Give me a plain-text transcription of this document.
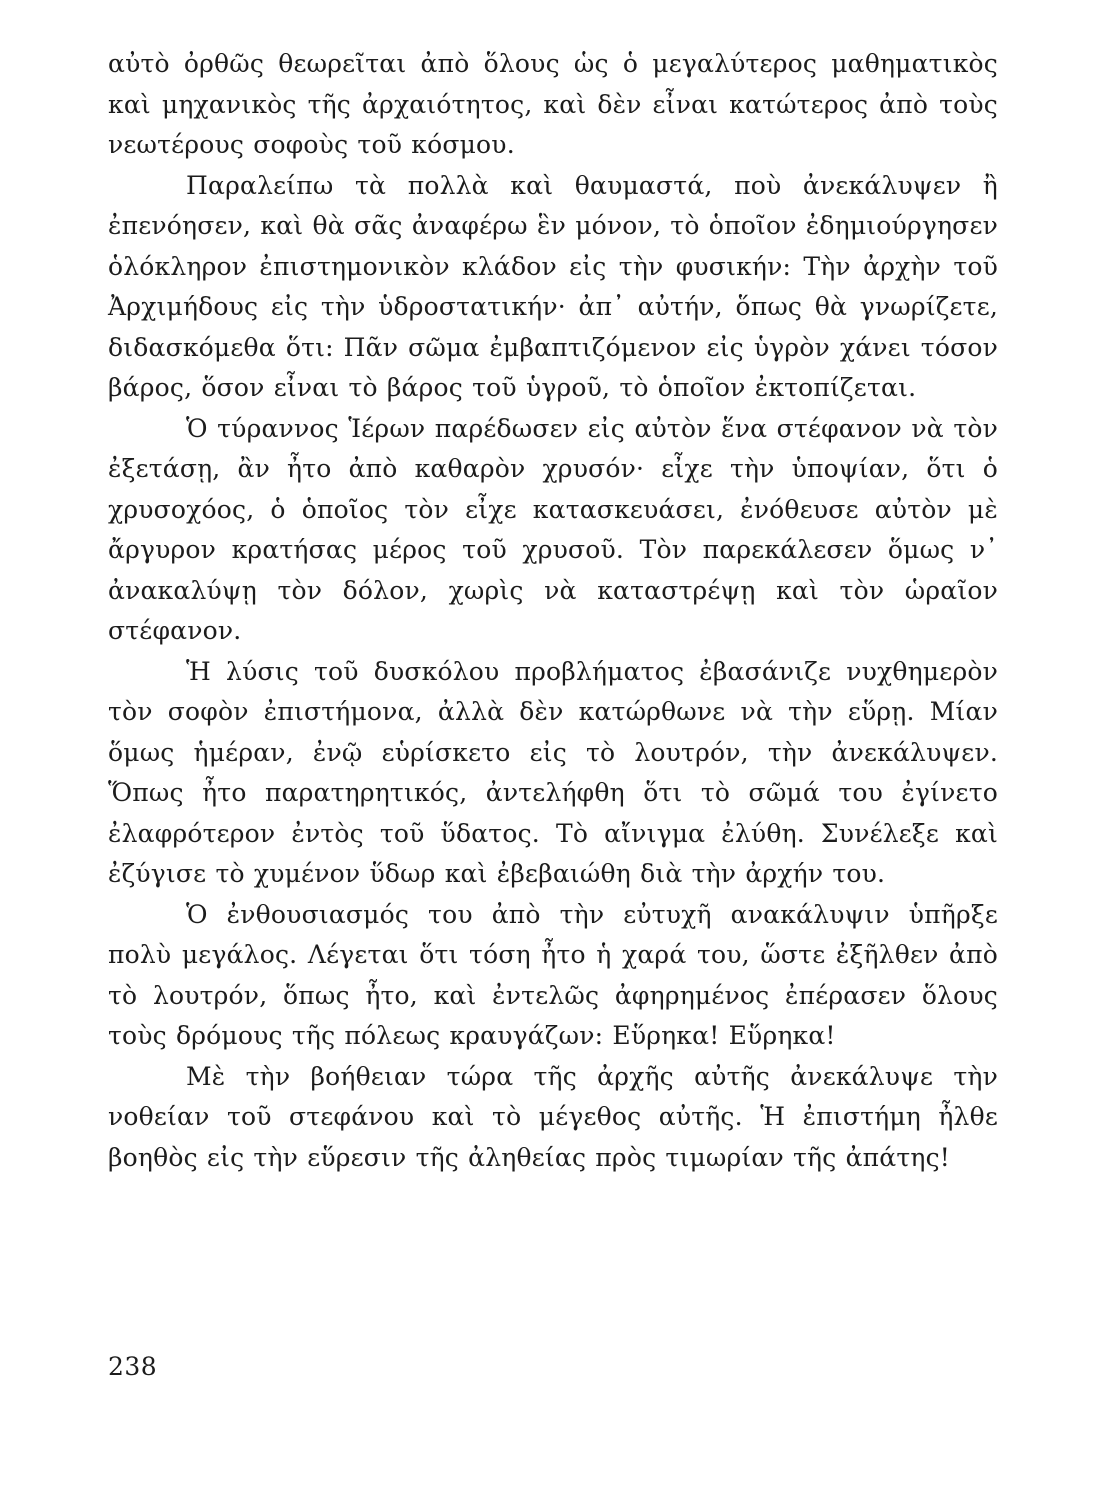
αὐτὸ ὀρθῶς θεωρεῖται ἀπὸ ὅλους ὡς ὁ μεγαλύτερος μαθηματικὸς καὶ μηχανικὸς τῆς ἀρχαιότητος, καὶ δὲν εἶναι κατώτερος ἀπὸ τοὺς νεωτέρους σοφοὺς τοῦ κόσμου.

Παραλείπω τὰ πολλὰ καὶ θαυμαστά, ποὺ ἀνεκάλυψεν ἢ ἐπενόησεν, καὶ θὰ σᾶς ἀναφέρω ἓν μόνον, τὸ ὁποῖον ἐδημιούργησεν ὁλόκληρον ἐπιστημονικὸν κλάδον εἰς τὴν φυσικήν: Τὴν ἀρχὴν τοῦ Ἀρχιμήδους εἰς τὴν ὑδροστατικήν· ἀπ᾿ αὐτήν, ὅπως θὰ γνωρίζετε, διδασκόμεθα ὅτι: Πᾶν σῶμα ἐμβαπτιζόμενον εἰς ὑγρὸν χάνει τόσον βάρος, ὅσον εἶναι τὸ βάρος τοῦ ὑγροῦ, τὸ ὁποῖον ἐκτοπίζεται.

Ὁ τύραννος Ἱέρων παρέδωσεν εἰς αὐτὸν ἕνα στέφανον νὰ τὸν ἐξετάσῃ, ἂν ἦτο ἀπὸ καθαρὸν χρυσόν· εἶχε τὴν ὑποψίαν, ὅτι ὁ χρυσοχόος, ὁ ὁποῖος τὸν εἶχε κατασκευάσει, ἐνόθευσε αὐτὸν μὲ ἄργυρον κρατήσας μέρος τοῦ χρυσοῦ. Τὸν παρεκάλεσεν ὅμως ν᾿ ἀνακαλύψῃ τὸν δόλον, χωρὶς νὰ καταστρέψῃ καὶ τὸν ὡραῖον στέφανον.

Ἡ λύσις τοῦ δυσκόλου προβλήματος ἐβασάνιζε νυχθημερὸν τὸν σοφὸν ἐπιστήμονα, ἀλλὰ δὲν κατώρθωνε νὰ τὴν εὕρῃ. Μίαν ὅμως ἡμέραν, ἐνῷ εὑρίσκετο εἰς τὸ λουτρόν, τὴν ἀνεκάλυψεν. Ὅπως ἦτο παρατηρητικός, ἀντελήφθη ὅτι τὸ σῶμά του ἐγίνετο ἐλαφρότερον ἐντὸς τοῦ ὕδατος. Τὸ αἴνιγμα ἐλύθη. Συνέλεξε καὶ ἐζύγισε τὸ χυμένον ὕδωρ καὶ ἐβεβαιώθη διὰ τὴν ἀρχήν του.

Ὁ ἐνθουσιασμός του ἀπὸ τὴν εὐτυχῆ ανακάλυψιν ὑπῆρξε πολὺ μεγάλος. Λέγεται ὅτι τόση ἦτο ἡ χαρά του, ὥστε ἐξῆλθεν ἀπὸ τὸ λουτρόν, ὅπως ἦτο, καὶ ἐντελῶς ἀφηρημένος ἐπέρασεν ὅλους τοὺς δρόμους τῆς πόλεως κραυγάζων: Εὕρηκα! Εὕρηκα!

Μὲ τὴν βοήθειαν τώρα τῆς ἀρχῆς αὐτῆς ἀνεκάλυψε τὴν νοθείαν τοῦ στεφάνου καὶ τὸ μέγεθος αὐτῆς. Ἡ ἐπιστήμη ἦλθε βοηθὸς εἰς τὴν εὕρεσιν τῆς ἀληθείας πρὸς τιμωρίαν τῆς ἀπάτης!

238
